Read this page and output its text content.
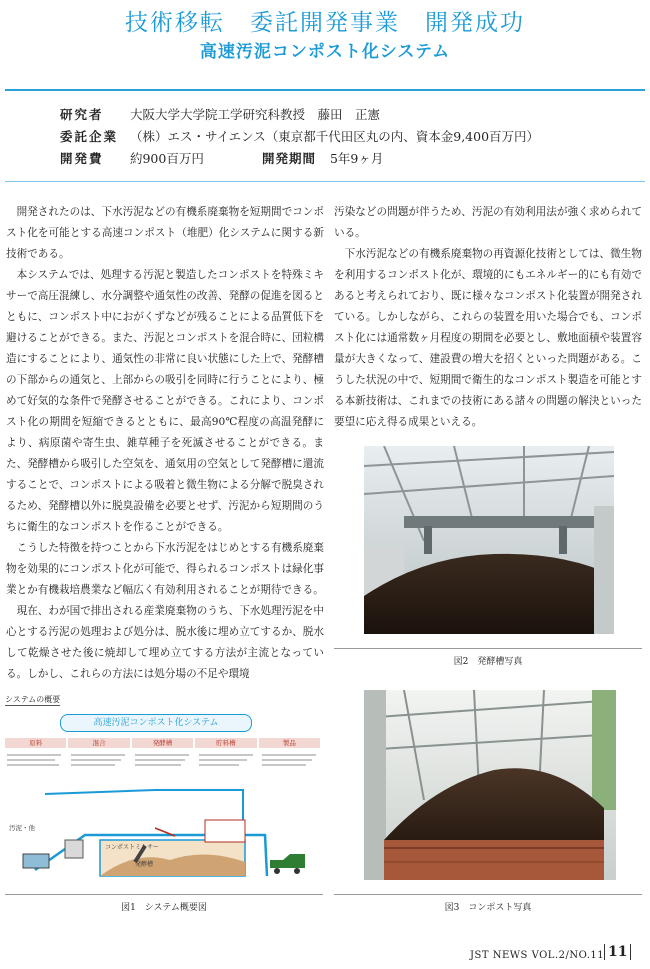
技術移転　委託開発事業　開発成功
高速汚泥コンポスト化システム
研究者 大阪大学大学院工学研究科教授　藤田　正憲
委託企業 （株）エス・サイエンス（東京都千代田区丸の内、資本金9,400百万円）
開発費 約900百万円	開発期間 5年9ヶ月

開発されたのは、下水汚泥などの有機系廃棄物を短期間でコンポスト化を可能とする高速コンポスト（堆肥）化システムに関する新技術である。

本システムでは、処理する汚泥と製造したコンポストを特殊ミキサーで高圧混練し、水分調整や通気性の改善、発酵の促進を図るとともに、コンポスト中におがくずなどが残ることによる品質低下を避けることができる。また、汚泥とコンポストを混合時に、団粒構造にすることにより、通気性の非常に良い状態にした上で、発酵槽の下部からの通気と、上部からの吸引を同時に行うことにより、極めて好気的な条件で発酵させることができる。これにより、コンポスト化の期間を短縮できるとともに、最高90℃程度の高温発酵により、病原菌や寄生虫、雑草種子を死滅させることができる。また、発酵槽から吸引した空気を、通気用の空気として発酵槽に還流することで、コンポストによる吸着と微生物による分解で脱臭されるため、発酵槽以外に脱臭設備を必要とせず、汚泥から短期間のうちに衛生的なコンポストを作ることができる。

こうした特徴を持つことから下水汚泥をはじめとする有機系廃棄物を効果的にコンポスト化が可能で、得られるコンポストは緑化事業とか有機栽培農業など幅広く有効利用されることが期待できる。

現在、わが国で排出される産業廃棄物のうち、下水処理汚泥を中心とする汚泥の処理および処分は、脱水後に埋め立てするか、脱水して乾燥させた後に焼却して埋め立てする方法が主流となっている。しかし、これらの方法には処分場の不足や環境

汚染などの問題が伴うため、汚泥の有効利用法が強く求められている。

下水汚泥などの有機系廃棄物の再資源化技術としては、微生物を利用するコンポスト化が、環境的にもエネルギー的にも有効であると考えられており、既に様々なコンポスト化装置が開発されている。しかしながら、これらの装置を用いた場合でも、コンポスト化には通常数ヶ月程度の期間を必要とし、敷地面積や装置容量が大きくなって、建設費の増大を招くといった問題がある。こうした状況の中で、短期間で衛生的なコンポスト製造を可能とする本新技術は、これまでの技術にある諸々の問題の解決といった要望に応え得る成果といえる。

図2　発酵槽写真
システムの概要
高速汚泥コンポスト化システム
原料	混合	発酵槽	貯料槽	製品
汚泥・他
コンポストミキサー
発酵槽
図1　システム概要図	図3　コンポスト写真
JST NEWS VOL.2/NO.11 11
